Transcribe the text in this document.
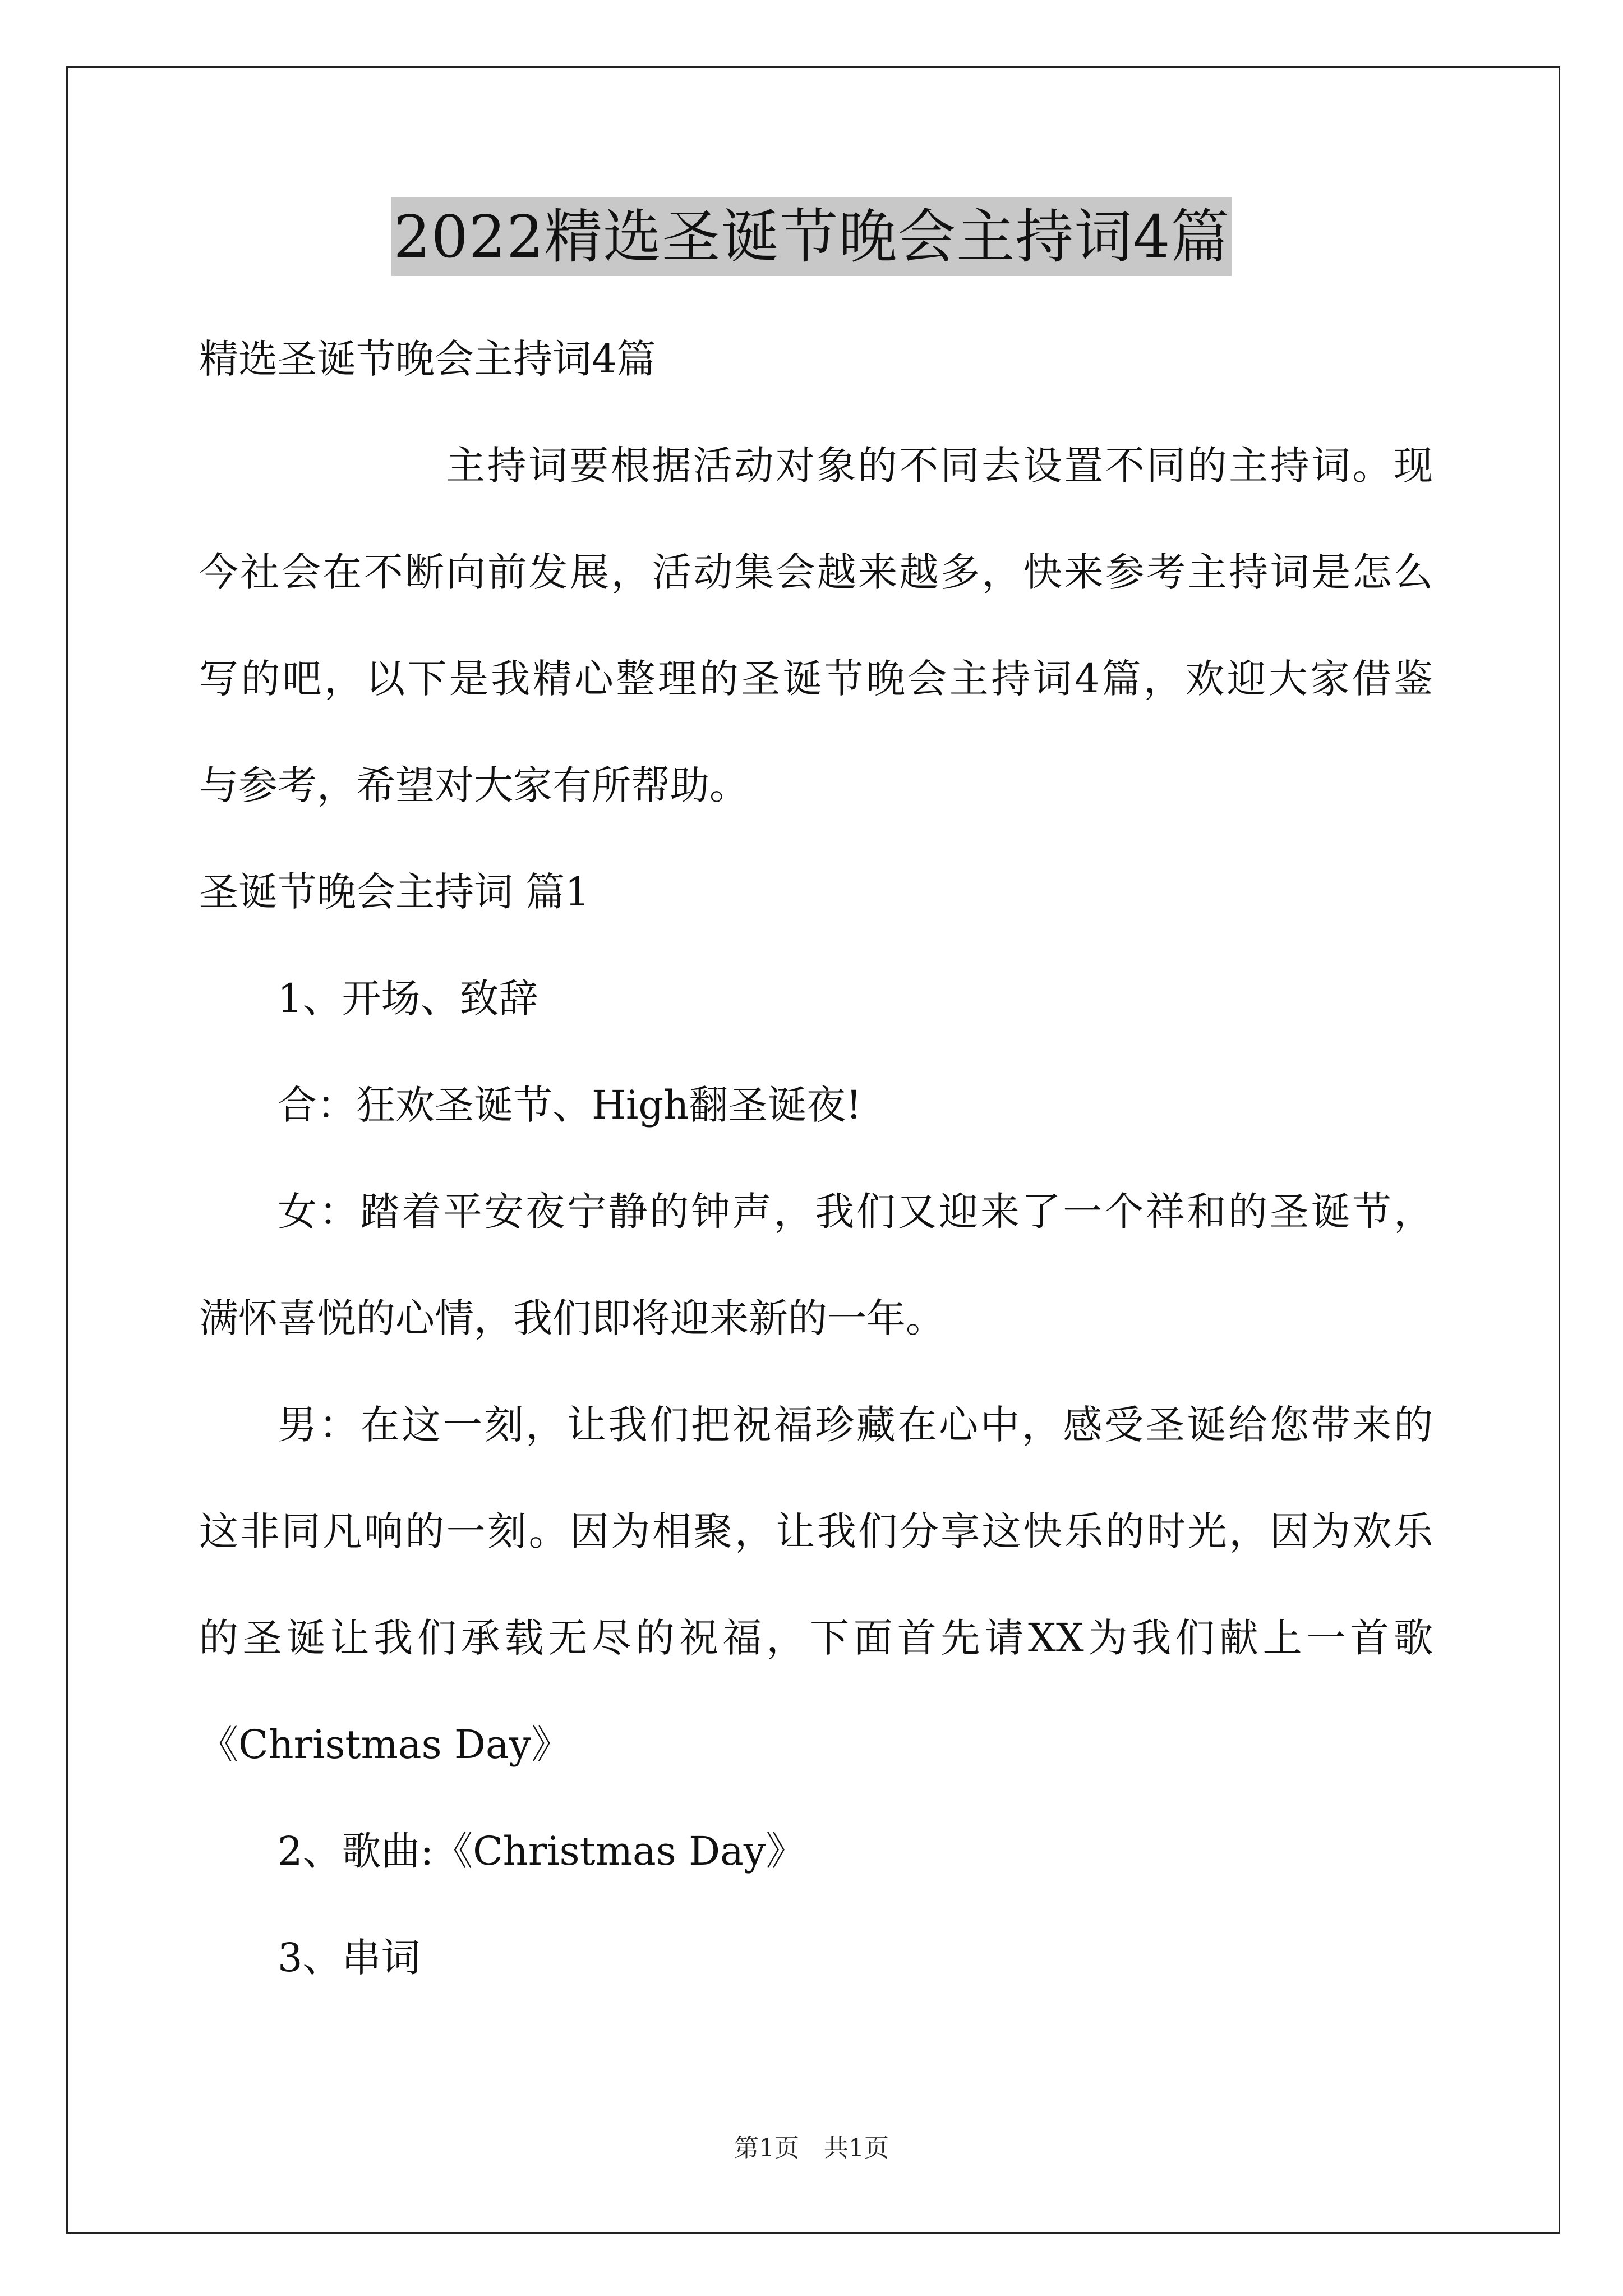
2022精选圣诞节晚会主持词4篇
精选圣诞节晚会主持词4篇
主持词要根据活动对象的不同去设置不同的主持词。现
今社会在不断向前发展，活动集会越来越多，快来参考主持词是怎么
写的吧，以下是我精心整理的圣诞节晚会主持词4篇，欢迎大家借鉴
与参考，希望对大家有所帮助。
圣诞节晚会主持词 篇1
1、开场、致辞
合：狂欢圣诞节、High翻圣诞夜!
女：踏着平安夜宁静的钟声，我们又迎来了一个祥和的圣诞节，
满怀喜悦的心情，我们即将迎来新的一年。
男：在这一刻，让我们把祝福珍藏在心中，感受圣诞给您带来的
这非同凡响的一刻。因为相聚，让我们分享这快乐的时光，因为欢乐
的圣诞让我们承载无尽的祝福，下面首先请XX为我们献上一首歌
《Christmas Day》
2、歌曲:《Christmas Day》
3、串词
第1页　共1页
